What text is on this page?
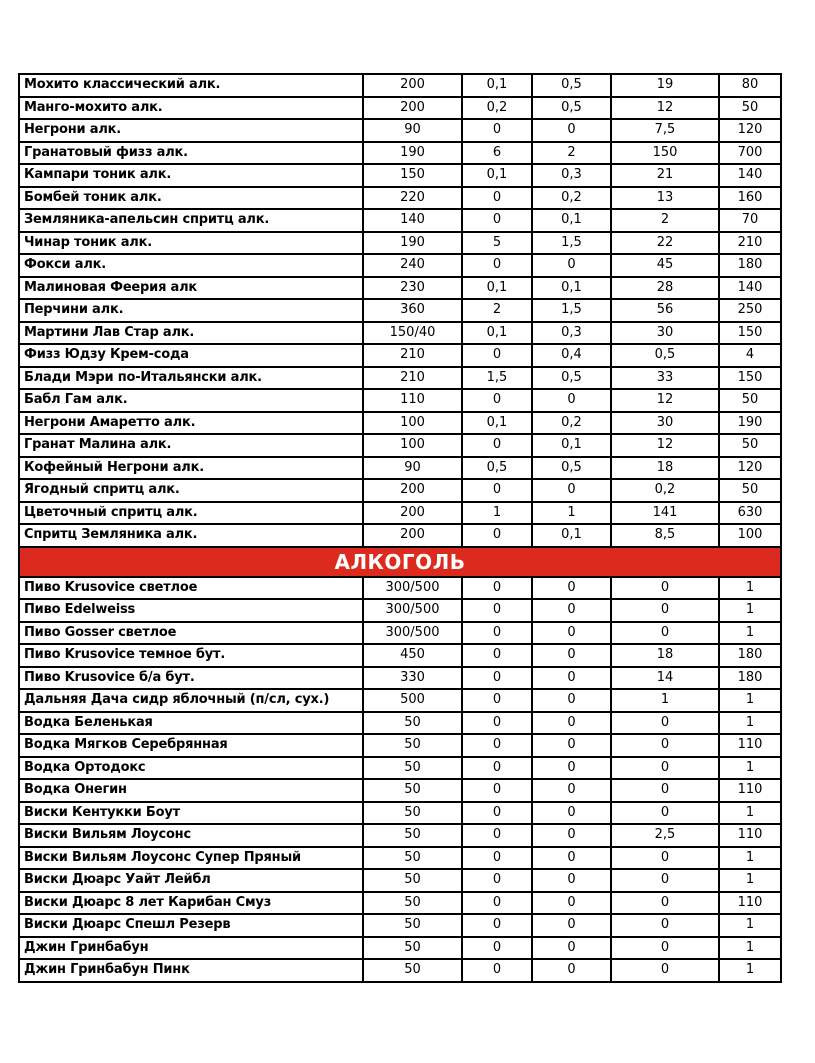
Мохито классический алк.	200	0,1	0,5	19	80
Манго-мохито алк.	200	0,2	0,5	12	50
Негрони алк.	90	0	0	7,5	120
Гранатовый физз алк.	190	6	2	150	700
Кампари тоник алк.	150	0,1	0,3	21	140
Бомбей тоник алк.	220	0	0,2	13	160
Земляника-апельсин спритц алк.	140	0	0,1	2	70
Чинар тоник алк.	190	5	1,5	22	210
Фокси алк.	240	0	0	45	180
Малиновая Феерия алк	230	0,1	0,1	28	140
Перчини алк.	360	2	1,5	56	250
Мартини Лав Стар алк.	150/40	0,1	0,3	30	150
Физз Юдзу Крем-сода	210	0	0,4	0,5	4
Блади Мэри по-Итальянски алк.	210	1,5	0,5	33	150
Бабл Гам алк.	110	0	0	12	50
Негрони Амаретто алк.	100	0,1	0,2	30	190
Гранат Малина алк.	100	0	0,1	12	50
Кофейный Негрони алк.	90	0,5	0,5	18	120
Ягодный спритц алк.	200	0	0	0,2	50
Цветочный спритц алк.	200	1	1	141	630
Спритц Земляника алк.	200	0	0,1	8,5	100
АЛКОГОЛЬ					
Пиво Krusovice светлое	300/500	0	0	0	1
Пиво Edelweiss	300/500	0	0	0	1
Пиво Gosser светлое	300/500	0	0	0	1
Пиво Krusovice темное бут.	450	0	0	18	180
Пиво Krusovice б/а бут.	330	0	0	14	180
Дальняя Дача сидр яблочный (п/сл, сух.)	500	0	0	1	1
Водка Беленькая	50	0	0	0	1
Водка Мягков Серебрянная	50	0	0	0	110
Водка Ортодокс	50	0	0	0	1
Водка Онегин	50	0	0	0	110
Виски Кентукки Боут	50	0	0	0	1
Виски Вильям Лоусонс	50	0	0	2,5	110
Виски Вильям Лоусонс Супер Пряный	50	0	0	0	1
Виски Дюарс Уайт Лейбл	50	0	0	0	1
Виски Дюарс 8 лет Карибан Смуз	50	0	0	0	110
Виски Дюарс Спешл Резерв	50	0	0	0	1
Джин Гринбабун	50	0	0	0	1
Джин Гринбабун Пинк	50	0	0	0	1
